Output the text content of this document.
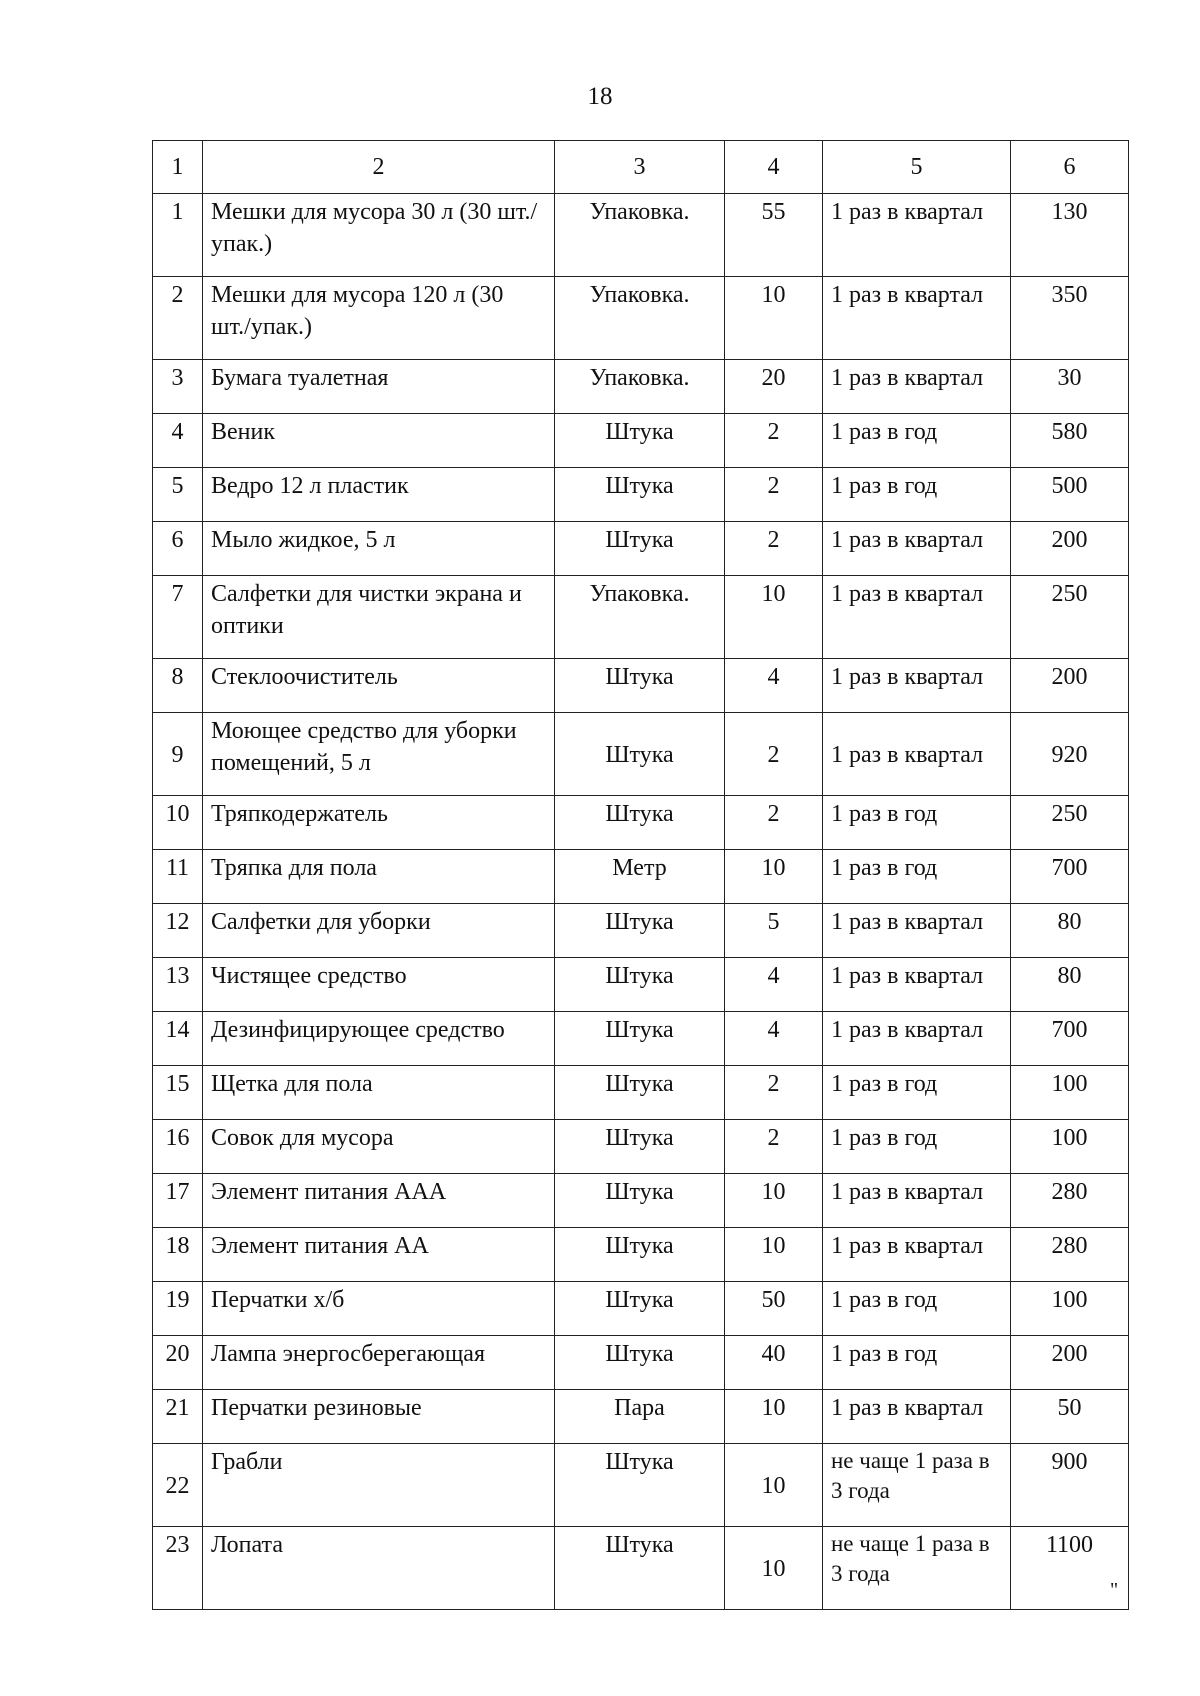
18
1	2	3	4	5	6
1	Мешки для мусора 30 л (30 шт./упак.)	Упаковка.	55	1 раз в квартал	130
2	Мешки для мусора 120 л (30 шт./упак.)	Упаковка.	10	1 раз в квартал	350
3	Бумага туалетная	Упаковка.	20	1 раз в квартал	30
4	Веник	Штука	2	1 раз в год	580
5	Ведро 12 л пластик	Штука	2	1 раз в год	500
6	Мыло жидкое, 5 л	Штука	2	1 раз в квартал	200
7	Салфетки для чистки экрана и оптики	Упаковка.	10	1 раз в квартал	250
8	Стеклоочиститель	Штука	4	1 раз в квартал	200
9	Моющее средство для уборки помещений, 5 л	Штука	2	1 раз в квартал	920
10	Тряпкодержатель	Штука	2	1 раз в год	250
11	Тряпка для пола	Метр	10	1 раз в год	700
12	Салфетки для уборки	Штука	5	1 раз в квартал	80
13	Чистящее средство	Штука	4	1 раз в квартал	80
14	Дезинфицирующее средство	Штука	4	1 раз в квартал	700
15	Щетка для пола	Штука	2	1 раз в год	100
16	Совок для мусора	Штука	2	1 раз в год	100
17	Элемент питания ААА	Штука	10	1 раз в квартал	280
18	Элемент питания АА	Штука	10	1 раз в квартал	280
19	Перчатки х/б	Штука	50	1 раз в год	100
20	Лампа энергосберегающая	Штука	40	1 раз в год	200
21	Перчатки резиновые	Пара	10	1 раз в квартал	50
22	Грабли	Штука	10	не чаще 1 раза в 3 года	900
23	Лопата	Штука	10	не чаще 1 раза в 3 года	1100
"
